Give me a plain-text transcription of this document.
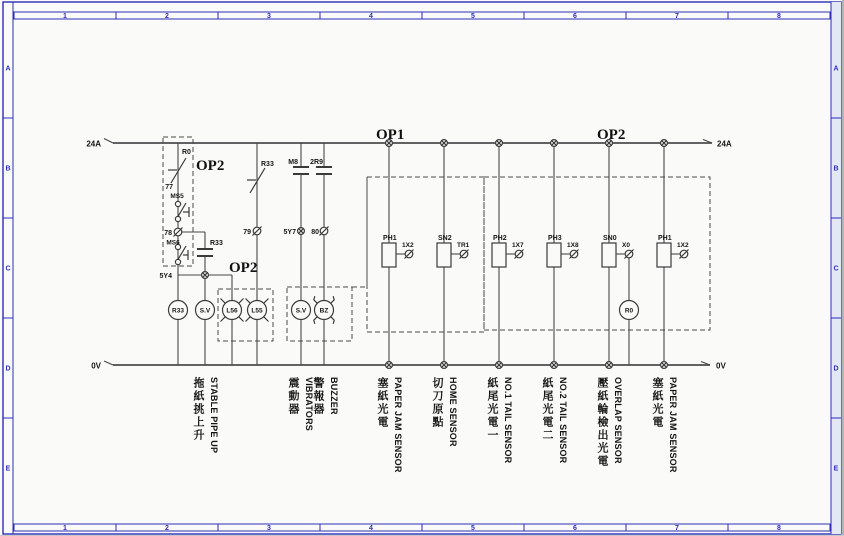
1
1
2
2
3
3
4
4
5
5
6
6
7
7
8
8
A	A
B	B
C	C
D	D
E	E
24A	24A
0V	0V
PH1
1X2
SN2
TR1
PH2
1X7
PH3
1X8
SN0
X0
R0
PH1
1X2
R0
77
MS5
78
MS6
5Y4
R33
R33
79
R33 S.V L56 L55
M8 2R9
5Y7 80
S.V BZ
OP2
OP2
OP1	OP2
拖紙挑上升 STABLE PIPE UP	震動器 VIBRATORS
警報器 BUZZER	塞紙光電 PAPER JAM SENSOR	切刀原點 HOME SENSOR	紙尾光電一 NO.1 TAIL SENSOR	紙尾光電二 NO.2 TAIL SENSOR	壓紙輪檢出光電 OVERLAP SENSOR	塞紙光電 PAPER JAM SENSOR
